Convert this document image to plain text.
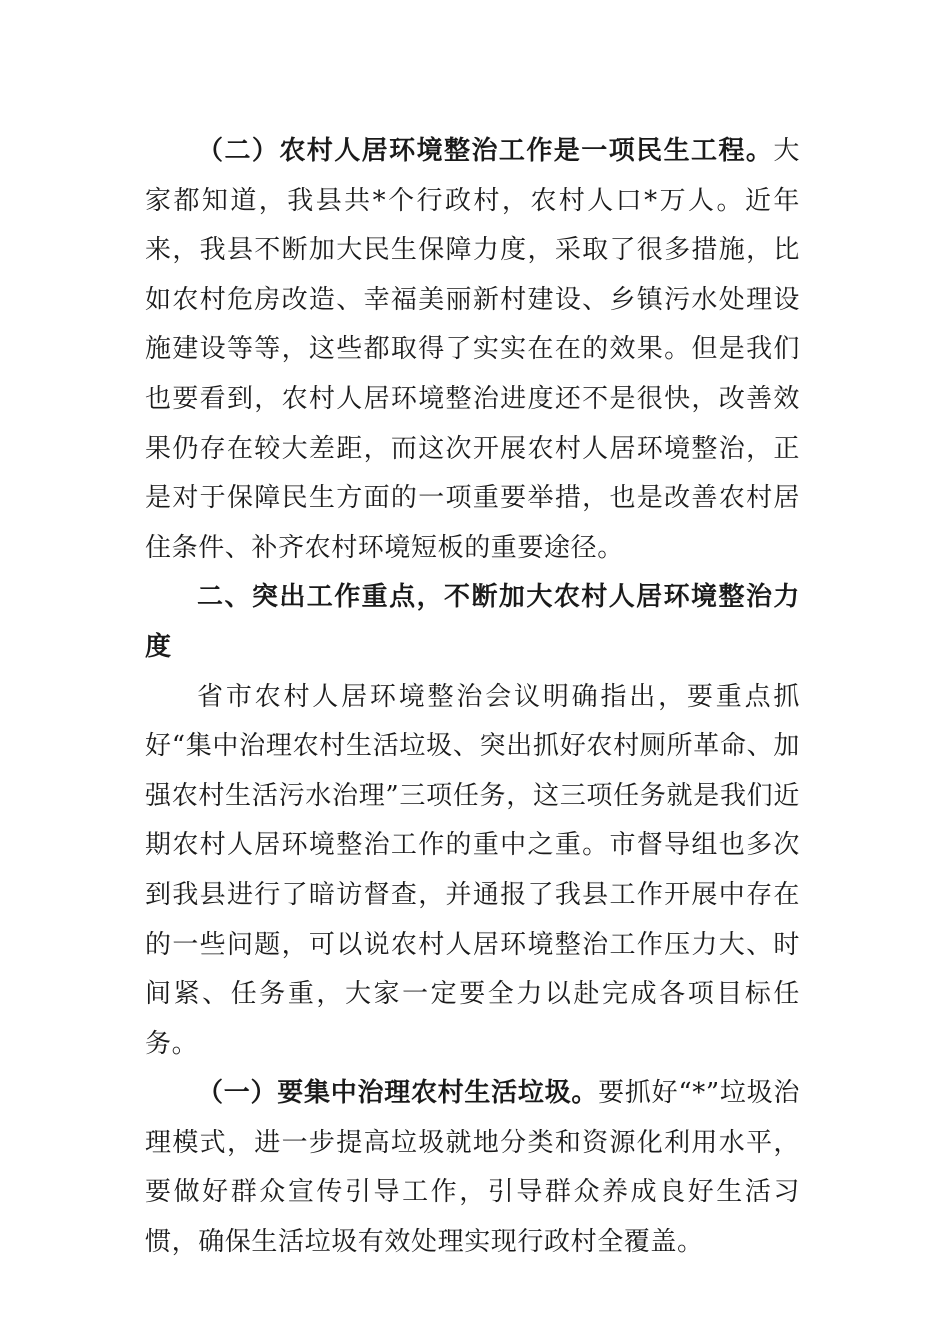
（二）农村人居环境整治工作是一项民生工程。大家都知道，我县共*个行政村，农村人口*万人。近年来，我县不断加大民生保障力度，采取了很多措施，比如农村危房改造、幸福美丽新村建设、乡镇污水处理设施建设等等，这些都取得了实实在在的效果。但是我们也要看到，农村人居环境整治进度还不是很快，改善效果仍存在较大差距，而这次开展农村人居环境整治，正是对于保障民生方面的一项重要举措，也是改善农村居住条件、补齐农村环境短板的重要途径。

二、突出工作重点，不断加大农村人居环境整治力度

省市农村人居环境整治会议明确指出，要重点抓好“集中治理农村生活垃圾、突出抓好农村厕所革命、加强农村生活污水治理”三项任务，这三项任务就是我们近期农村人居环境整治工作的重中之重。市督导组也多次到我县进行了暗访督查，并通报了我县工作开展中存在的一些问题，可以说农村人居环境整治工作压力大、时间紧、任务重，大家一定要全力以赴完成各项目标任务。

（一）要集中治理农村生活垃圾。要抓好“*”垃圾治理模式，进一步提高垃圾就地分类和资源化利用水平，要做好群众宣传引导工作，引导群众养成良好生活习惯，确保生活垃圾有效处理实现行政村全覆盖。
